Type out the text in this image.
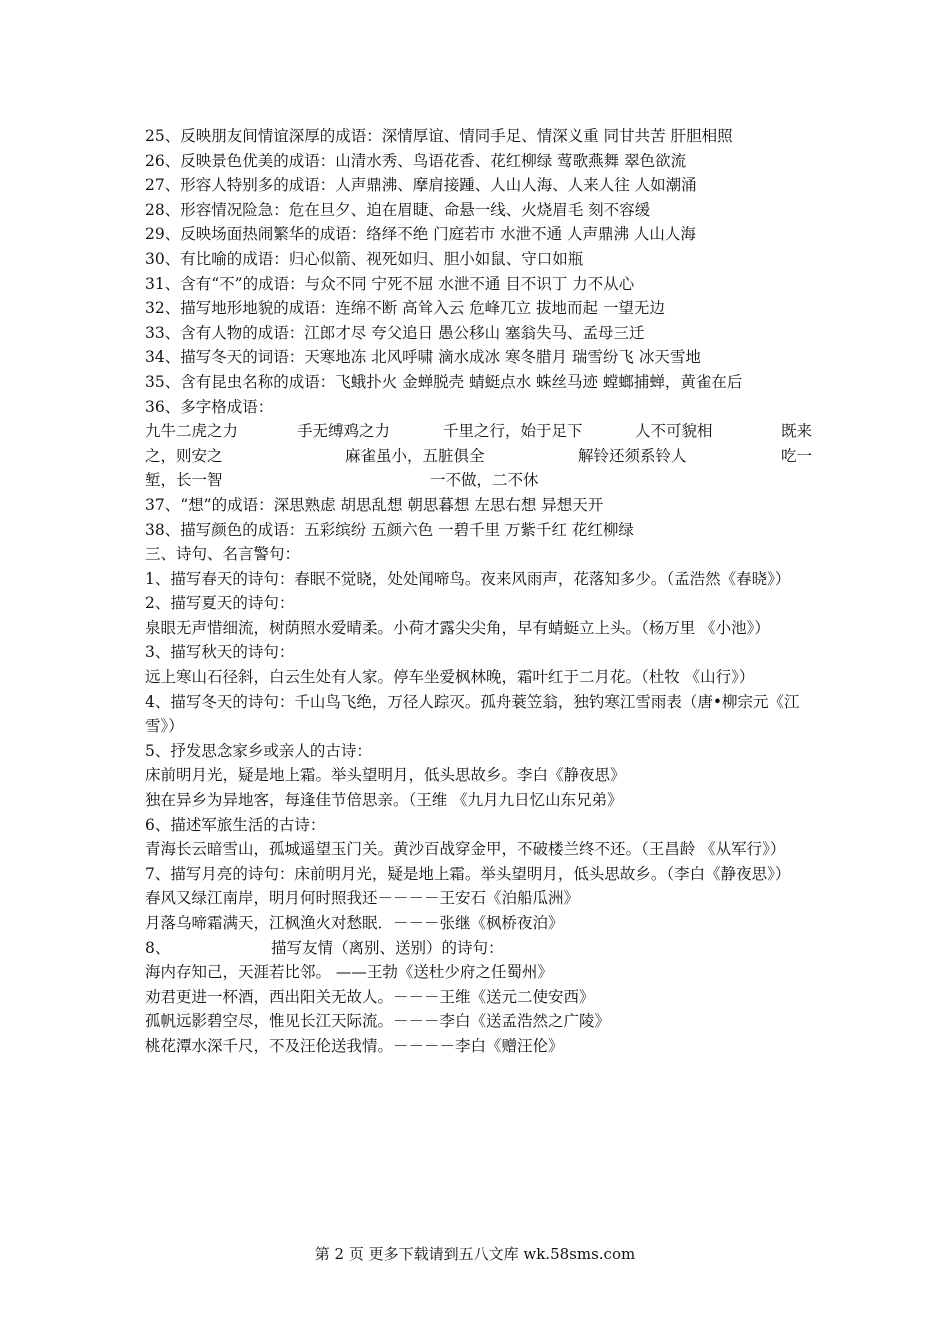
25、反映朋友间情谊深厚的成语：深情厚谊、情同手足、情深义重 同甘共苦 肝胆相照
26、反映景色优美的成语：山清水秀、鸟语花香、花红柳绿 莺歌燕舞 翠色欲流
27、形容人特别多的成语：人声鼎沸、摩肩接踵、人山人海、人来人往 人如潮涌
28、形容情况险急：危在旦夕、迫在眉睫、命悬一线、火烧眉毛 刻不容缓
29、反映场面热闹繁华的成语：络绎不绝 门庭若市 水泄不通 人声鼎沸 人山人海
30、有比喻的成语：归心似箭、视死如归、胆小如鼠、守口如瓶
31、含有“不”的成语：与众不同 宁死不屈 水泄不通 目不识丁 力不从心
32、描写地形地貌的成语：连绵不断 高耸入云 危峰兀立 拔地而起 一望无边
33、含有人物的成语：江郎才尽 夸父追日 愚公移山 塞翁失马、孟母三迁
34、描写冬天的词语：天寒地冻 北风呼啸 滴水成冰 寒冬腊月 瑞雪纷飞 冰天雪地
35、含有昆虫名称的成语：飞蛾扑火 金蝉脱壳 蜻蜓点水 蛛丝马迹 螳螂捕蝉，黄雀在后
36、多字格成语：
九牛二虎之力	手无缚鸡之力	千里之行，始于足下	人不可貌相	既来
之，则安之	麻雀虽小，五脏俱全	解铃还须系铃人	吃一
堑，长一智	一不做，二不休
37、“想”的成语：深思熟虑 胡思乱想 朝思暮想 左思右想 异想天开
38、描写颜色的成语：五彩缤纷 五颜六色 一碧千里 万紫千红 花红柳绿
三、诗句、名言警句：
1、描写春天的诗句：春眠不觉晓，处处闻啼鸟。夜来风雨声，花落知多少。（孟浩然《春晓》）
2、描写夏天的诗句：
泉眼无声惜细流，树荫照水爱晴柔。小荷才露尖尖角，早有蜻蜓立上头。（杨万里 《小池》）
3、描写秋天的诗句：
远上寒山石径斜，白云生处有人家。停车坐爱枫林晚，霜叶红于二月花。（杜牧 《山行》）
4、描写冬天的诗句：千山鸟飞绝，万径人踪灭。孤舟蓑笠翁，独钓寒江雪雨表（唐•柳宗元《江雪》）
5、抒发思念家乡或亲人的古诗：
床前明月光，疑是地上霜。举头望明月，低头思故乡。李白《静夜思》
独在异乡为异地客，每逢佳节倍思亲。（王维 《九月九日忆山东兄弟》
6、描述军旅生活的古诗：
青海长云暗雪山，孤城遥望玉门关。黄沙百战穿金甲，不破楼兰终不还。（王昌龄 《从军行》）
7、描写月亮的诗句：床前明月光，疑是地上霜。举头望明月，低头思故乡。（李白《静夜思》）
春风又绿江南岸，明月何时照我还－－－－王安石《泊船瓜洲》
月落乌啼霜满天，江枫渔火对愁眠．－－－张继《枫桥夜泊》
8、	描写友情（离别、送别）的诗句：
海内存知己，天涯若比邻。 ——王勃《送杜少府之任蜀州》
劝君更进一杯酒，西出阳关无故人。－－－王维《送元二使安西》
孤帆远影碧空尽，惟见长江天际流。－－－李白《送孟浩然之广陵》
桃花潭水深千尺，不及汪伦送我情。－－－－李白《赠汪伦》
第 2 页 更多下载请到五八文库 wk.58sms.com
